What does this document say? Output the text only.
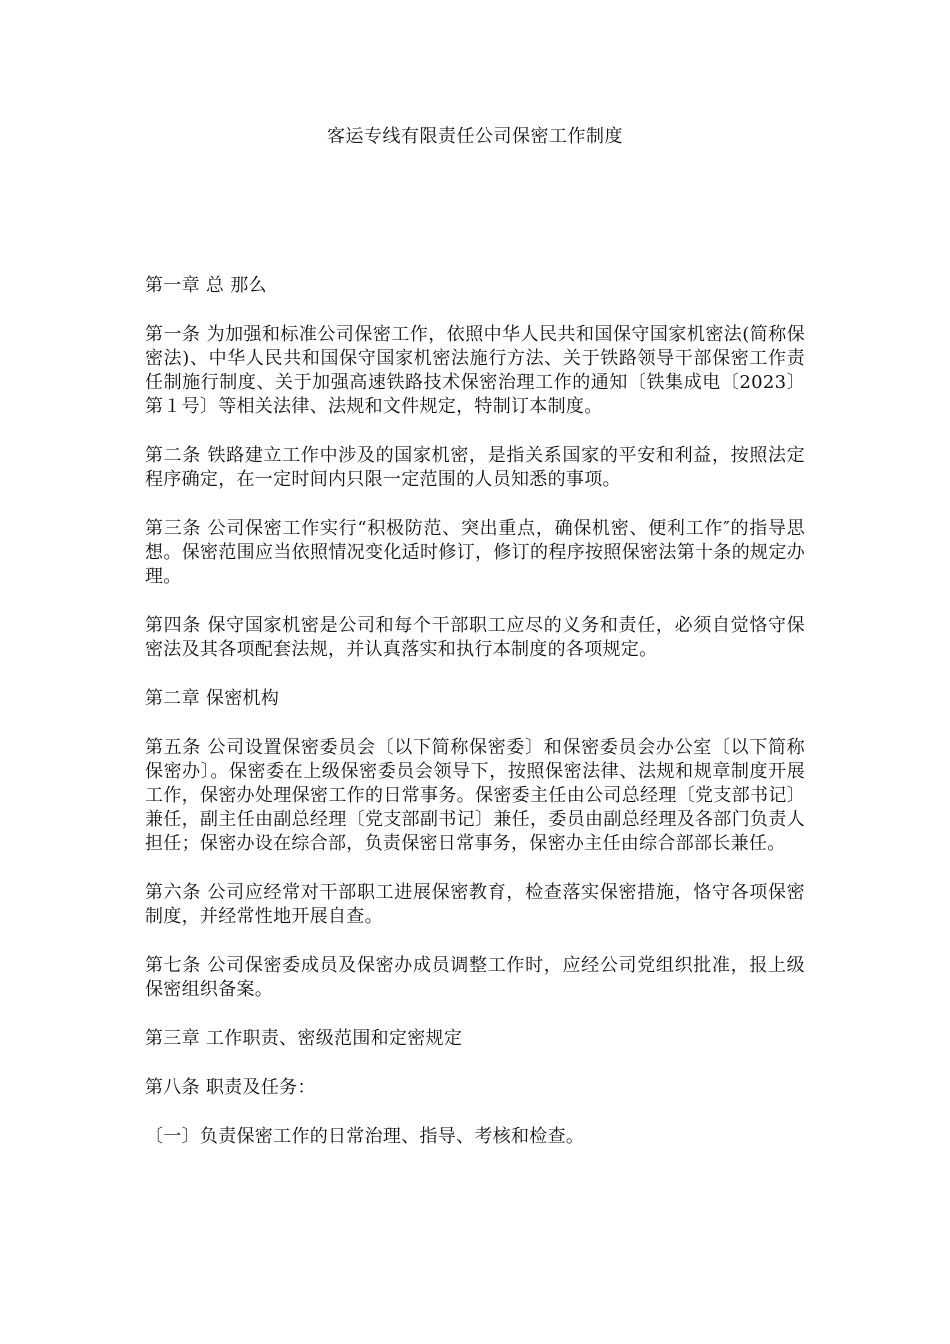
客运专线有限责任公司保密工作制度

第一章 总 那么

第一条 为加强和标准公司保密工作，依照中华人民共和国保守国家机密法(简称保密法)、中华人民共和国保守国家机密法施行方法、关于铁路领导干部保密工作责任制施行制度、关于加强高速铁路技术保密治理工作的通知〔铁集成电〔2023〕第１号〕等相关法律、法规和文件规定，特制订本制度。

第二条 铁路建立工作中涉及的国家机密，是指关系国家的平安和利益，按照法定程序确定，在一定时间内只限一定范围的人员知悉的事项。

第三条 公司保密工作实行“积极防范、突出重点，确保机密、便利工作″的指导思想。保密范围应当依照情况变化适时修订，修订的程序按照保密法第十条的规定办理。

第四条 保守国家机密是公司和每个干部职工应尽的义务和责任，必须自觉恪守保密法及其各项配套法规，并认真落实和执行本制度的各项规定。

第二章 保密机构

第五条 公司设置保密委员会〔以下简称保密委〕和保密委员会办公室〔以下简称保密办〕。保密委在上级保密委员会领导下，按照保密法律、法规和规章制度开展工作，保密办处理保密工作的日常事务。保密委主任由公司总经理〔党支部书记〕兼任，副主任由副总经理〔党支部副书记〕兼任，委员由副总经理及各部门负责人担任；保密办设在综合部，负责保密日常事务，保密办主任由综合部部长兼任。

第六条 公司应经常对干部职工进展保密教育，检查落实保密措施，恪守各项保密制度，并经常性地开展自查。

第七条 公司保密委成员及保密办成员调整工作时，应经公司党组织批准，报上级保密组织备案。

第三章 工作职责、密级范围和定密规定

第八条 职责及任务：

〔一〕负责保密工作的日常治理、指导、考核和检查。
